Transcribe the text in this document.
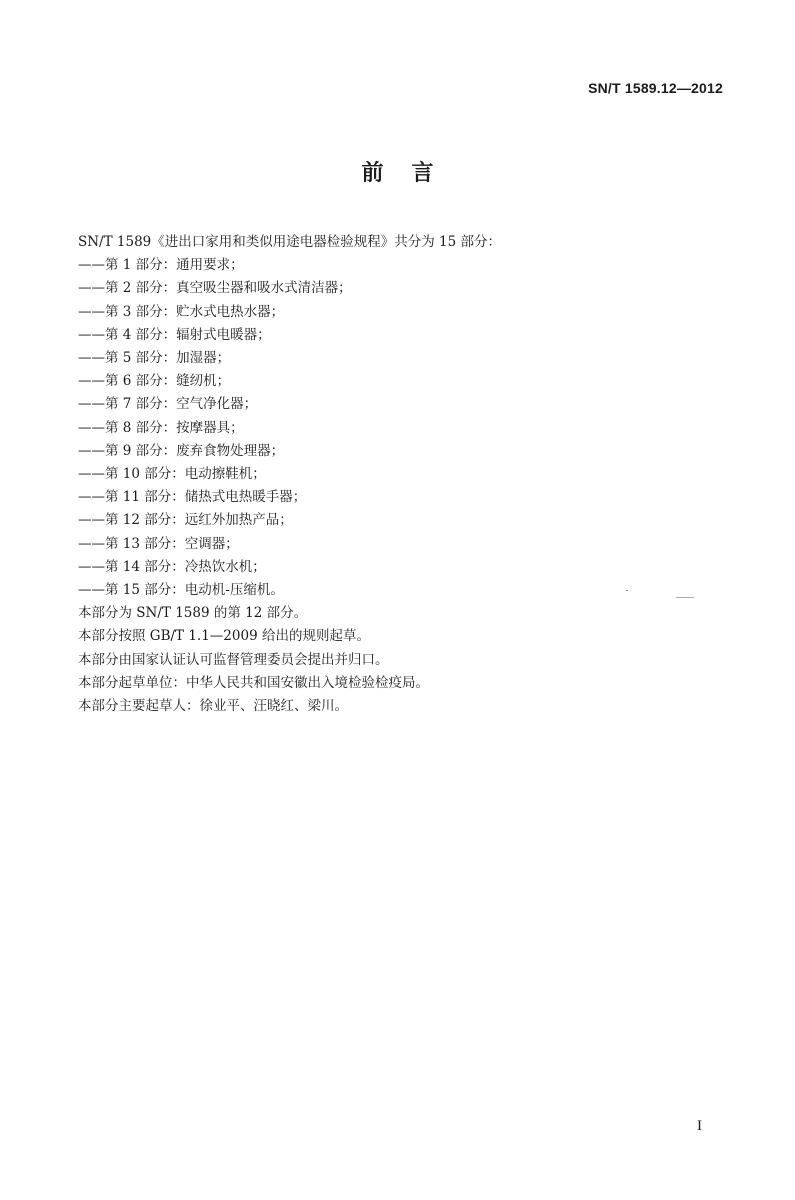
SN/T 1589.12—2012
前言
SN/T 1589《进出口家用和类似用途电器检验规程》共分为 15 部分：
——第 1 部分：通用要求；
——第 2 部分：真空吸尘器和吸水式清洁器；
——第 3 部分：贮水式电热水器；
——第 4 部分：辐射式电暖器；
——第 5 部分：加湿器；
——第 6 部分：缝纫机；
——第 7 部分：空气净化器；
——第 8 部分：按摩器具；
——第 9 部分：废弃食物处理器；
——第 10 部分：电动擦鞋机；
——第 11 部分：储热式电热暖手器；
——第 12 部分：远红外加热产品；
——第 13 部分：空调器；
——第 14 部分：冷热饮水机；
——第 15 部分：电动机-压缩机。
本部分为 SN/T 1589 的第 12 部分。
本部分按照 GB/T 1.1—2009 给出的规则起草。
本部分由国家认证认可监督管理委员会提出并归口。
本部分起草单位：中华人民共和国安徽出入境检验检疫局。
本部分主要起草人：徐业平、汪晓红、梁川。
I
